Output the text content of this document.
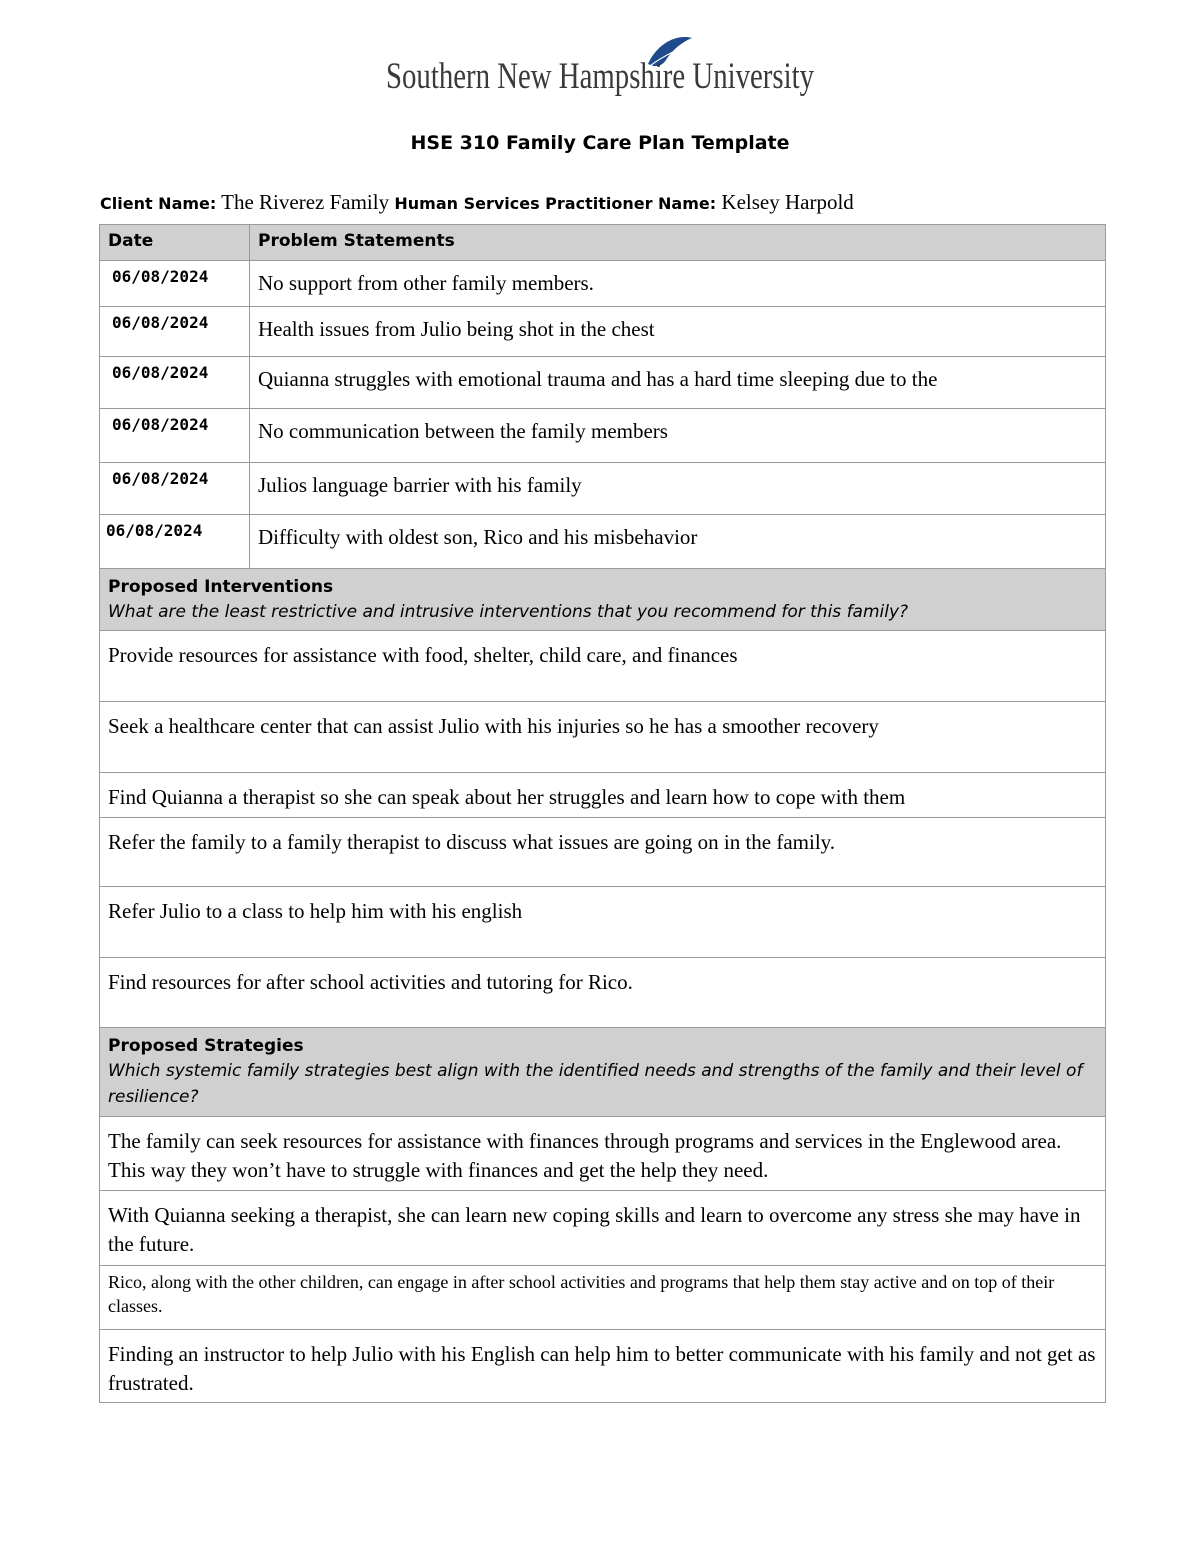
Southern New Hampshire University
HSE 310 Family Care Plan Template
Client Name: The Riverez Family Human Services Practitioner Name: Kelsey Harpold
Date	Problem Statements
06/08/2024	No support from other family members.
06/08/2024	Health issues from Julio being shot in the chest
06/08/2024	Quianna struggles with emotional trauma and has a hard time sleeping due to the
06/08/2024	No communication between the family members
06/08/2024	Julios language barrier with his family
06/08/2024	Difficulty with oldest son, Rico and his misbehavior

Proposed Interventions
What are the least restrictive and intrusive interventions that you recommend for this family?	

Provide resources for assistance with food, shelter, child care, and finances	
Seek a healthcare center that can assist Julio with his injuries so he has a smoother recovery	
Find Quianna a therapist so she can speak about her struggles and learn how to cope with them	
Refer the family to a family therapist to discuss what issues are going on in the family.	
Refer Julio to a class to help him with his english	
Find resources for after school activities and tutoring for Rico.	

Proposed Strategies
Which systemic family strategies best align with the identified needs and strengths of the family and their level of resilience?	

The family can seek resources for assistance with finances through programs and services in the Englewood area. This way they won’t have to struggle with finances and get the help they need.	
With Quianna seeking a therapist, she can learn new coping skills and learn to overcome any stress she may have in the future.	
Rico, along with the other children, can engage in after school activities and programs that help them stay active and on top of their classes.	
Finding an instructor to help Julio with his English can help him to better communicate with his family and not get as frustrated.	
